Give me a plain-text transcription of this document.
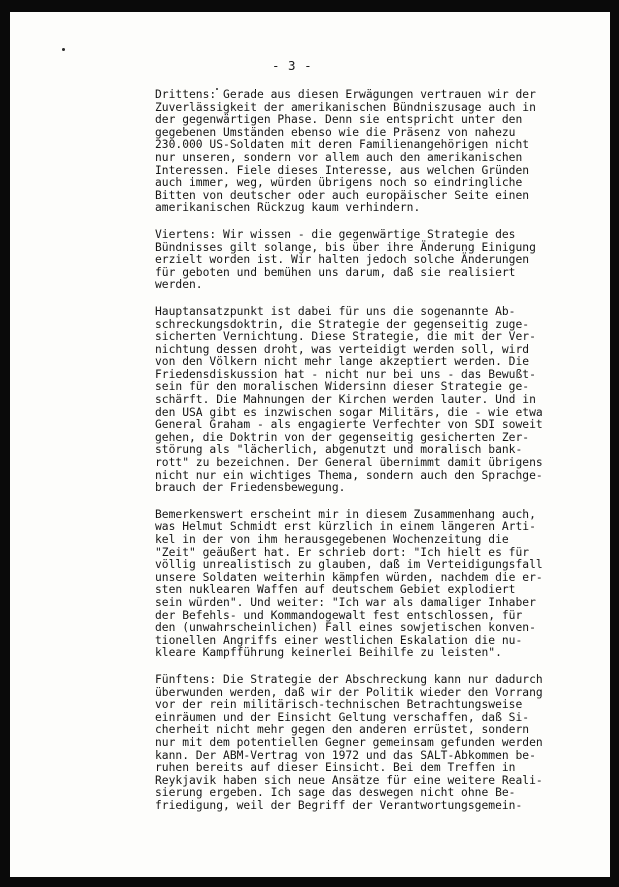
- 3 -
Drittens: Gerade aus diesen Erwägungen vertrauen wir der
Zuverlässigkeit der amerikanischen Bündniszusage auch in
der gegenwärtigen Phase. Denn sie entspricht unter den
gegebenen Umständen ebenso wie die Präsenz von nahezu
230.000 US-Soldaten mit deren Familienangehörigen nicht
nur unseren, sondern vor allem auch den amerikanischen
Interessen. Fiele dieses Interesse, aus welchen Gründen
auch immer, weg, würden übrigens noch so eindringliche
Bitten von deutscher oder auch europäischer Seite einen
amerikanischen Rückzug kaum verhindern.
Viertens: Wir wissen - die gegenwärtige Strategie des
Bündnisses gilt solange, bis über ihre Änderung Einigung
erzielt worden ist. Wir halten jedoch solche Änderungen
für geboten und bemühen uns darum, daß sie realisiert
werden.
Hauptansatzpunkt ist dabei für uns die sogenannte Ab-
schreckungsdoktrin, die Strategie der gegenseitig zuge-
sicherten Vernichtung. Diese Strategie, die mit der Ver-
nichtung dessen droht, was verteidigt werden soll, wird
von den Völkern nicht mehr lange akzeptiert werden. Die
Friedensdiskussion hat - nicht nur bei uns - das Bewußt-
sein für den moralischen Widersinn dieser Strategie ge-
schärft. Die Mahnungen der Kirchen werden lauter. Und in
den USA gibt es inzwischen sogar Militärs, die - wie etwa
General Graham - als engagierte Verfechter von SDI soweit
gehen, die Doktrin von der gegenseitig gesicherten Zer-
störung als "lächerlich, abgenutzt und moralisch bank-
rott" zu bezeichnen. Der General übernimmt damit übrigens
nicht nur ein wichtiges Thema, sondern auch den Sprachge-
brauch der Friedensbewegung.
Bemerkenswert erscheint mir in diesem Zusammenhang auch,
was Helmut Schmidt erst kürzlich in einem längeren Arti-
kel in der von ihm herausgegebenen Wochenzeitung die
"Zeit" geäußert hat. Er schrieb dort: "Ich hielt es für
völlig unrealistisch zu glauben, daß im Verteidigungsfall
unsere Soldaten weiterhin kämpfen würden, nachdem die er-
sten nuklearen Waffen auf deutschem Gebiet explodiert
sein würden". Und weiter: "Ich war als damaliger Inhaber
der Befehls- und Kommandogewalt fest entschlossen, für
den (unwahrscheinlichen) Fall eines sowjetischen konven-
tionellen Angriffs einer westlichen Eskalation die nu-
kleare Kampfführung keinerlei Beihilfe zu leisten".
Fünftens: Die Strategie der Abschreckung kann nur dadurch
überwunden werden, daß wir der Politik wieder den Vorrang
vor der rein militärisch-technischen Betrachtungsweise
einräumen und der Einsicht Geltung verschaffen, daß Si-
cherheit nicht mehr gegen den anderen errüstet, sondern
nur mit dem potentiellen Gegner gemeinsam gefunden werden
kann. Der ABM-Vertrag von 1972 und das SALT-Abkommen be-
ruhen bereits auf dieser Einsicht. Bei dem Treffen in
Reykjavik haben sich neue Ansätze für eine weitere Reali-
sierung ergeben. Ich sage das deswegen nicht ohne Be-
friedigung, weil der Begriff der Verantwortungsgemein-
